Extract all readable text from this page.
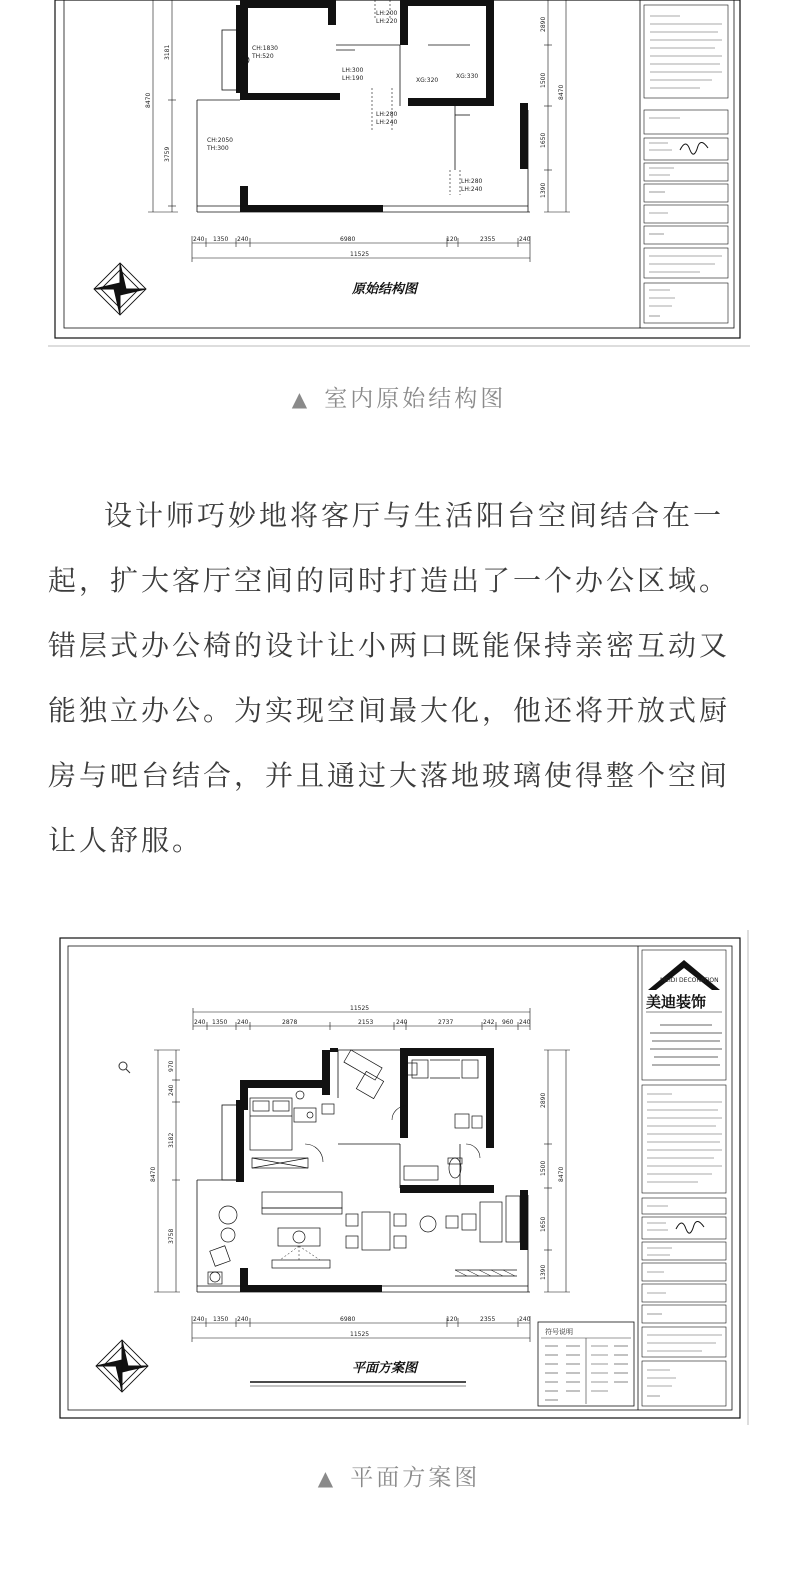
CH:1830
TH:520
CH:2050
TH:300
LH:200
LH:220
LH:300
LH:190
LH:280
LH:240
LH:280
LH:240
XG:320
XG:330
8470
3181
3759
2890
1500
1650
1390
8470
240 1350 240	6980	120	2355	240
11525
原始结构图
▲ 室内原始结构图

设计师巧妙地将客厅与生活阳台空间结合在一起，扩大客厅空间的同时打造出了一个办公区域。错层式办公椅的设计让小两口既能保持亲密互动又能独立办公。为实现空间最大化，他还将开放式厨房与吧台结合，并且通过大落地玻璃使得整个空间让人舒服。

MEIDI DECORATION
美迪装饰
符号说明
11525
240 1350 240	2878	2153	240	2737	242 960 240
970
240
3182
3758
8470
2890
1500
1650
1390
8470
240 1350 240	6980	120	2355	240
11525
平面方案图
▲ 平面方案图
